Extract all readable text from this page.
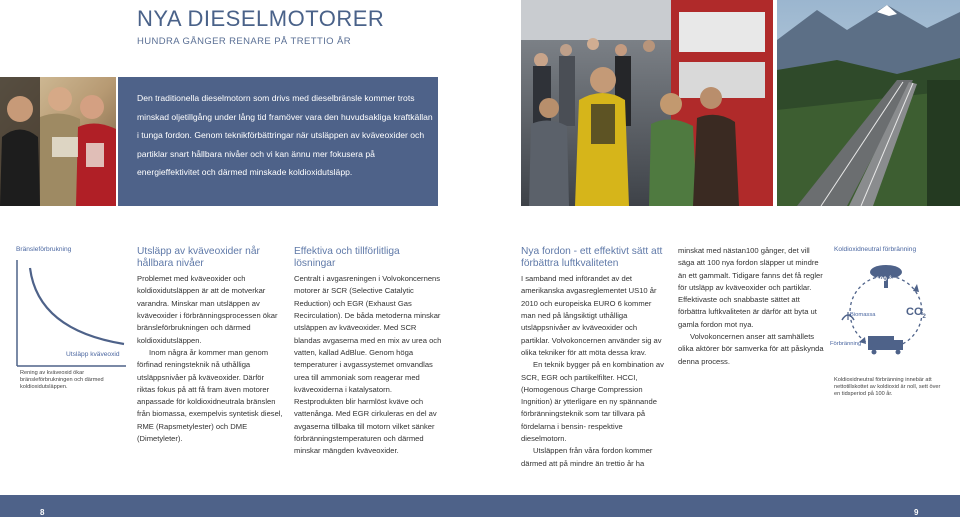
NYA DIESELMOTORER
HUNDRA GÅNGER RENARE PÅ TRETTIO ÅR
Den traditionella dieselmotorn som drivs med dieselbränsle kommer trots minskad oljetillgång under lång tid framöver vara den huvudsakliga kraftkällan i tunga fordon. Genom teknikförbättringar när utsläppen av kväveoxider och partiklar snart hållbara nivåer och vi kan ännu mer fokusera på energieffektivitet och därmed minskade koldioxidutsläpp.
Bränsleförbrukning
Utsläpp kväveoxid
Rening av kväveoxid ökar bränsleförbrukningen och därmed koldioxidutsläppen.
Utsläpp av kväveoxider når hållbara nivåer

Problemet med kväveoxider och koldioxidutsläppen är att de motverkar varandra. Minskar man utsläppen av kväveoxider i förbränningsprocessen ökar bränsleförbrukningen och därmed koldioxidutsläppen.

Inom några år kommer man genom förfinad reningsteknik nå uthålliga utsläppsnivåer på kväveoxider. Därför riktas fokus på att få fram även motorer anpassade för koldioxidneutrala bränslen från biomassa, exempelvis syntetisk diesel, RME (Rapsmetylester) och DME (Dimetyleter).

Effektiva och tillförlitliga lösningar

Centralt i avgasreningen i Volvokoncernens motorer är SCR (Selective Catalytic Reduction) och EGR (Exhaust Gas Recirculation). De båda metoderna minskar utsläppen av kväveoxider. Med SCR blandas avgaserna med en mix av urea och vatten, kallad AdBlue. Genom höga temperaturer i avgassystemet omvandlas urea till ammoniak som reagerar med kväveoxiderna i katalysatorn. Restprodukten blir harmlöst kväve och vattenånga. Med EGR cirkuleras en del av avgaserna tillbaka till motorn vilket sänker förbränningstemperaturen och därmed minskar mängden kväveoxider.

Nya fordon - ett effektivt sätt att förbättra luftkvaliteten

I samband med införandet av det amerikanska avgasreglementet US10 år 2010 och europeiska EURO 6 kommer man ned på långsiktigt uthålliga utsläppsnivåer av kväveoxider och partiklar. Volvokoncernen använder sig av olika tekniker för att möta dessa krav.

En teknik bygger på en kombination av SCR, EGR och partikelfilter. HCCI, (Homogenous Charge Compression Ingnition) är ytterligare en ny spännande förbränningsteknik som tar tillvara på fördelarna i bensin- respektive dieselmotorn.

Utsläppen från våra fordon kommer därmed att på mindre än trettio år ha

minskat med nästan100 gånger, det vill säga att 100 nya fordon släpper ut mindre än ett gammalt. Tidigare fanns det få regler för utsläpp av kväveoxider och partiklar. Effektivaste och snabbaste sättet att förbättra luftkvaliteten är därför att byta ut gamla fordon mot nya.

Volvokoncernen anser att samhällets olika aktörer bör samverka för att påskynda denna process.

Koldioxidneutral förbränning
100 år
Biomassa	$CO_2$
Förbränning
Koldioxidneutral förbränning innebär att nettotillskottet av koldioxid är noll, sett över en tidsperiod på 100 år.
8	9
